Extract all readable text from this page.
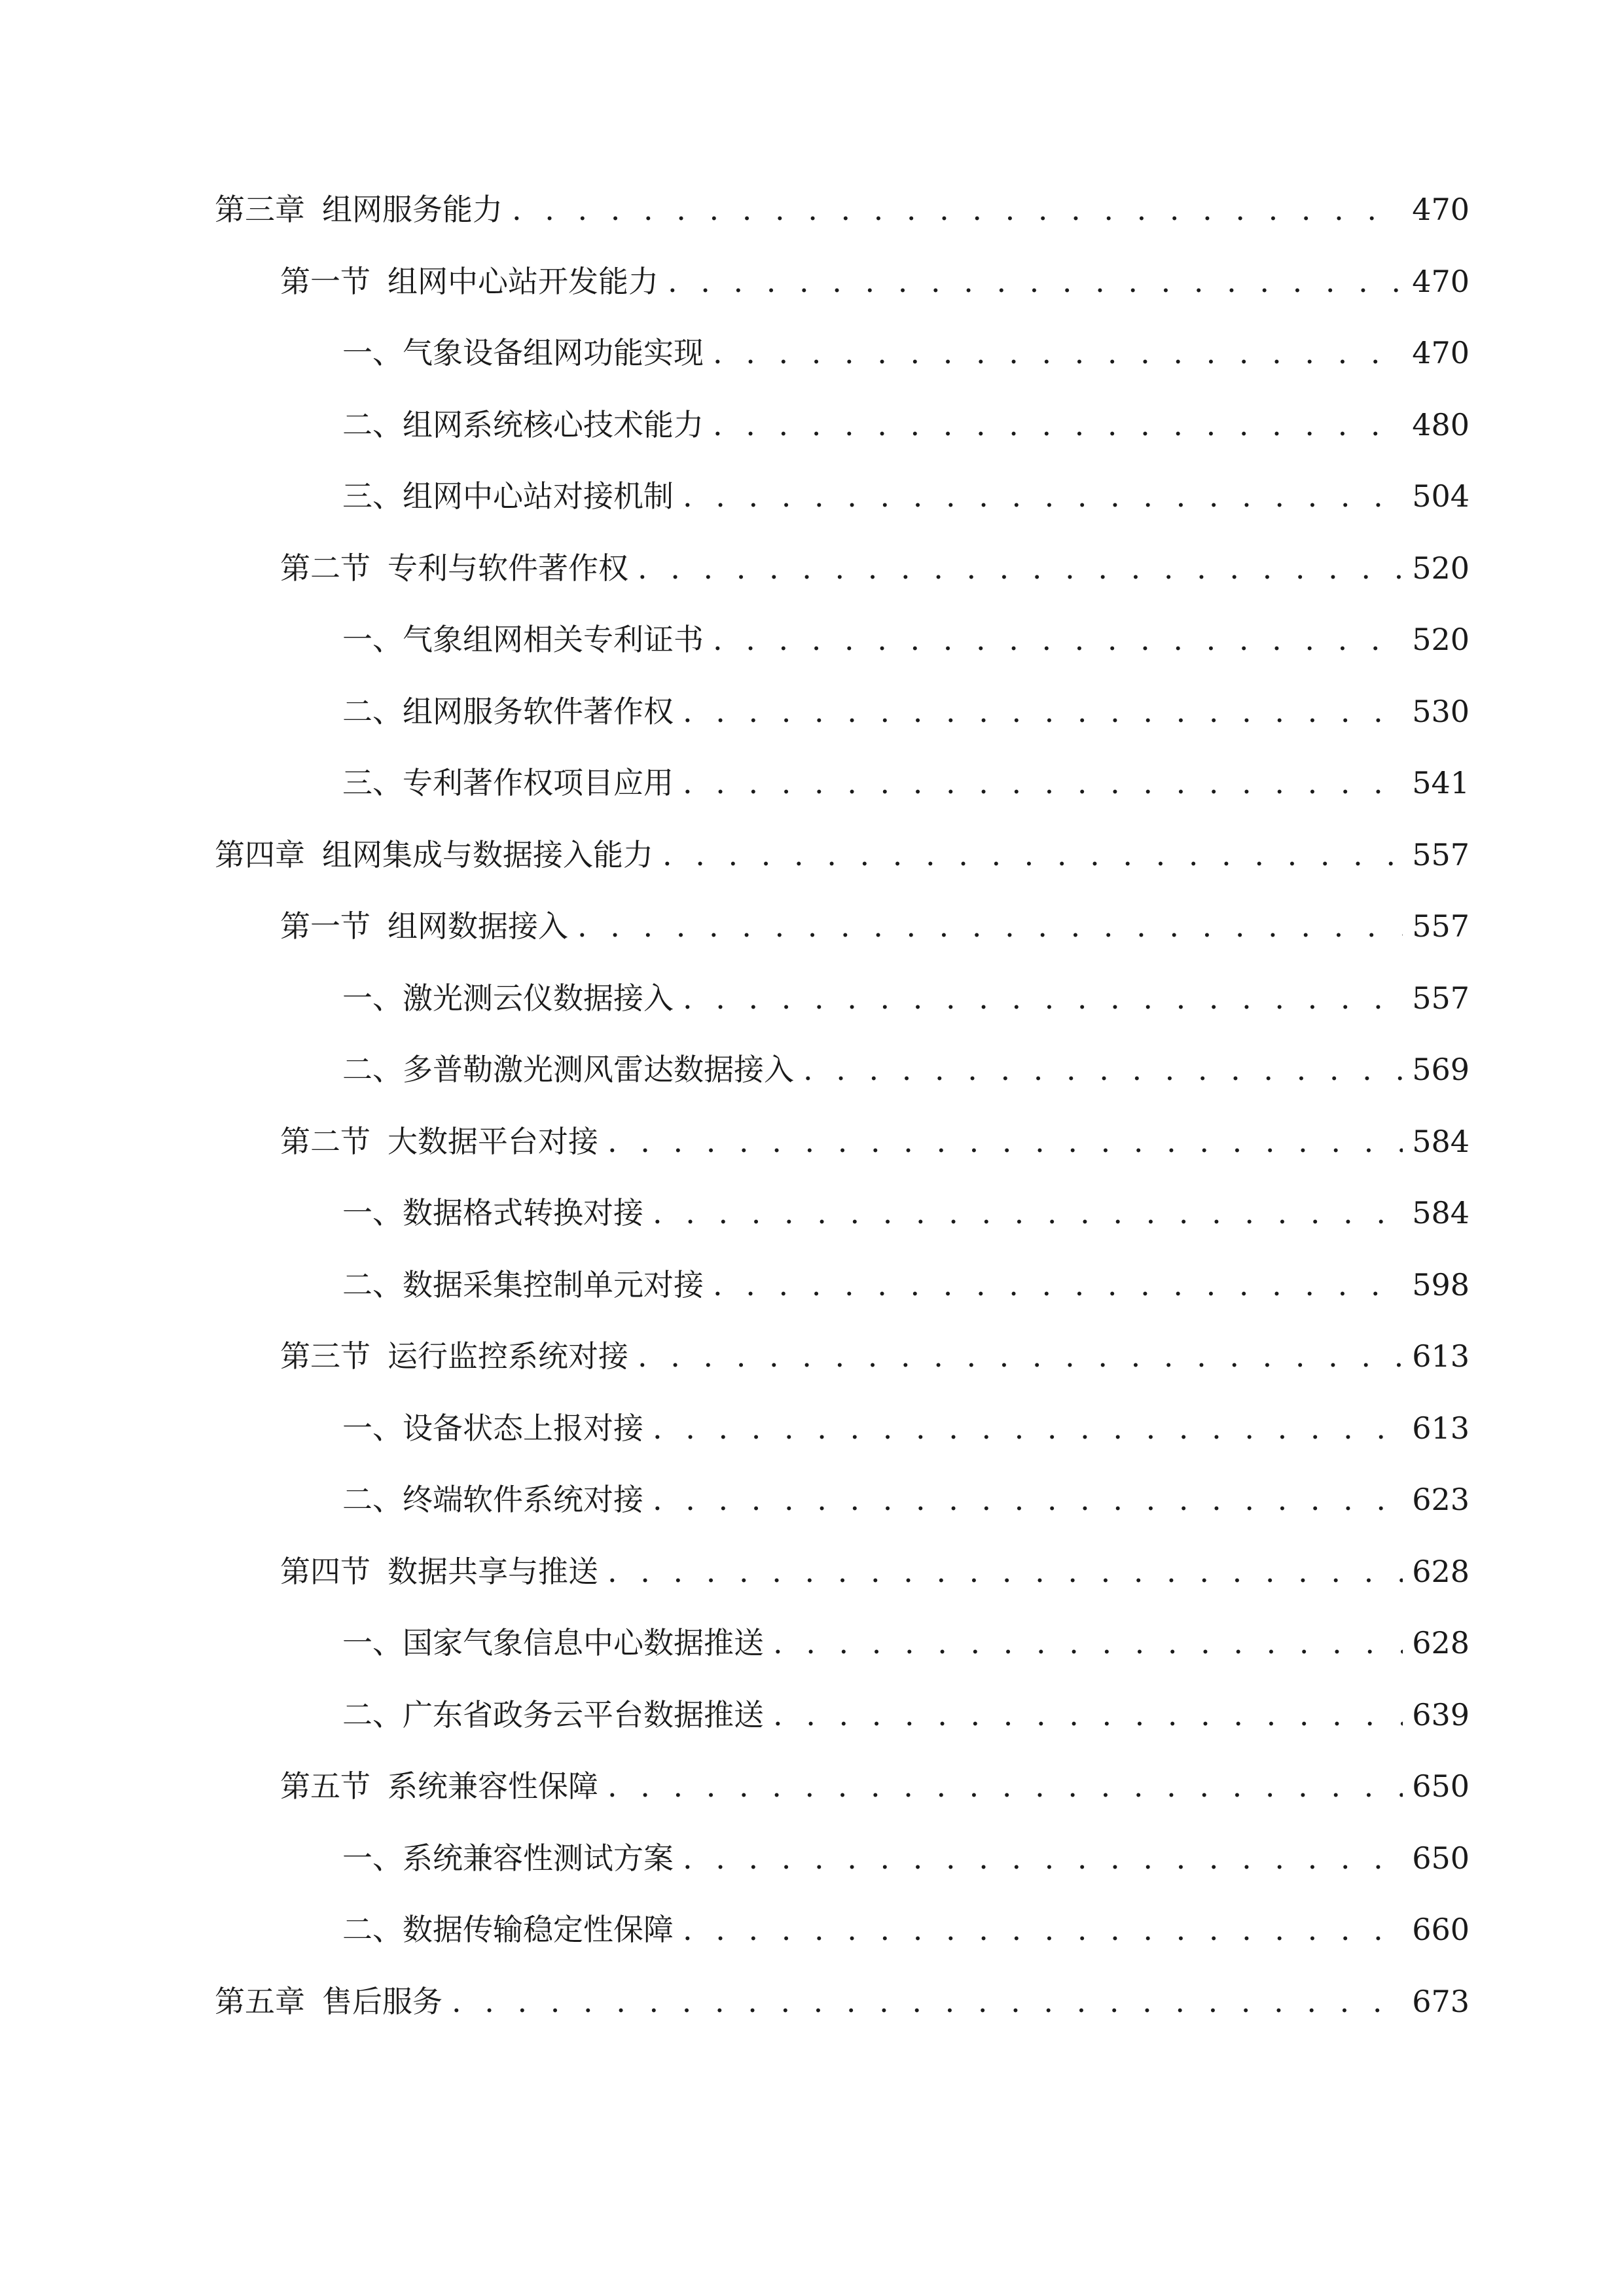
第三章 组网服务能力 . . .	470
第一节 组网中心站开发能力 . . .	470
一、 气象设备组网功能实现 . . .	470
二、 组网系统核心技术能力 . . .	480
三、 组网中心站对接机制 . . .	504
第二节 专利与软件著作权 . . .	520
一、 气象组网相关专利证书 . . .	520
二、 组网服务软件著作权 . . .	530
三、 专利著作权项目应用 . . .	541
第四章 组网集成与数据接入能力 . . .	557
第一节 组网数据接入 . . .	557
一、 激光测云仪数据接入 . . .	557
二、 多普勒激光测风雷达数据接入 . . .	569
第二节 大数据平台对接 . . .	584
一、 数据格式转换对接 . . .	584
二、 数据采集控制单元对接 . . .	598
第三节 运行监控系统对接 . . .	613
一、 设备状态上报对接 . . .	613
二、 终端软件系统对接 . . .	623
第四节 数据共享与推送 . . .	628
一、 国家气象信息中心数据推送 . . .	628
二、 广东省政务云平台数据推送 . . .	639
第五节 系统兼容性保障 . . .	650
一、 系统兼容性测试方案 . . .	650
二、 数据传输稳定性保障 . . .	660
第五章 售后服务 . . .	673
